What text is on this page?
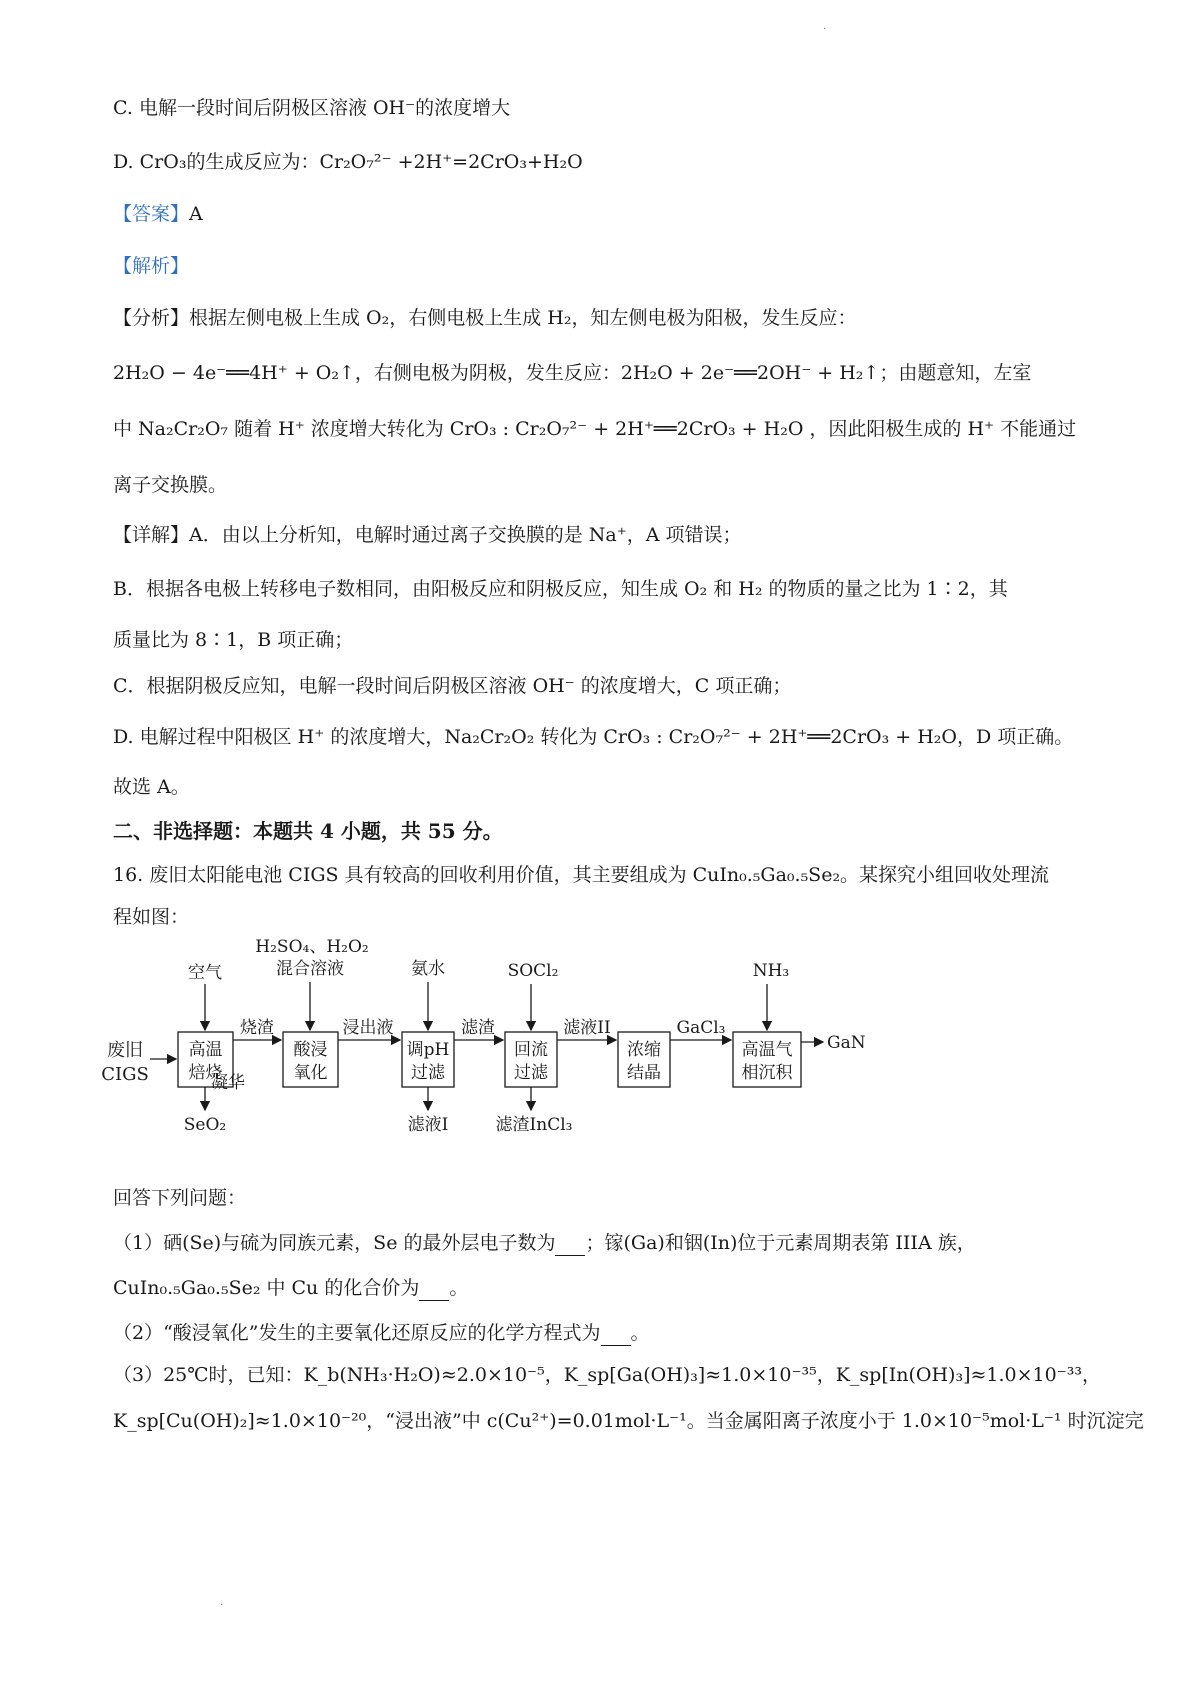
·
C. 电解一段时间后阴极区溶液 OH⁻的浓度增大
D. CrO₃的生成反应为：Cr₂O₇²⁻ +2H⁺=2CrO₃+H₂O
【答案】A
【解析】
【分析】根据左侧电极上生成 O₂，右侧电极上生成 H₂，知左侧电极为阳极，发生反应：
2H₂O − 4e⁻══4H⁺ + O₂↑，右侧电极为阴极，发生反应：2H₂O + 2e⁻══2OH⁻ + H₂↑；由题意知，左室
中 Na₂Cr₂O₇ 随着 H⁺ 浓度增大转化为 CrO₃ : Cr₂O₇²⁻ + 2H⁺══2CrO₃ + H₂O ，因此阳极生成的 H⁺ 不能通过
离子交换膜。
【详解】A．由以上分析知，电解时通过离子交换膜的是 Na⁺，A 项错误；
B．根据各电极上转移电子数相同，由阳极反应和阴极反应，知生成 O₂ 和 H₂ 的物质的量之比为 1∶2，其
质量比为 8∶1，B 项正确；
C．根据阴极反应知，电解一段时间后阴极区溶液 OH⁻ 的浓度增大，C 项正确；
D. 电解过程中阳极区 H⁺ 的浓度增大，Na₂Cr₂O₂ 转化为 CrO₃ : Cr₂O₇²⁻ + 2H⁺══2CrO₃ + H₂O，D 项正确。
故选 A。
二、非选择题：本题共 4 小题，共 55 分。
16. 废旧太阳能电池 CIGS 具有较高的回收利用价值，其主要组成为 CuIn₀.₅Ga₀.₅Se₂。某探究小组回收处理流
程如图：
废旧
CIGS
高温
焙烧
酸浸
氧化
调pH
过滤
回流
过滤
浓缩
结晶
高温气
相沉积
烧渣	浸出液	滤渣	滤液II	GaCl₃
GaN
空气
H₂SO₄、H₂O₂
混合溶液	氨水	SOCl₂	NH₃
凝华
SeO₂	滤液I	滤渣InCl₃
回答下列问题：
（1）硒(Se)与硫为同族元素，Se 的最外层电子数为 ；镓(Ga)和铟(In)位于元素周期表第 IIIA 族，
CuIn₀.₅Ga₀.₅Se₂ 中 Cu 的化合价为 。
（2）“酸浸氧化”发生的主要氧化还原反应的化学方程式为 。
（3）25℃时，已知：K_b(NH₃·H₂O)≈2.0×10⁻⁵，K_sp[Ga(OH)₃]≈1.0×10⁻³⁵，K_sp[In(OH)₃]≈1.0×10⁻³³，
K_sp[Cu(OH)₂]≈1.0×10⁻²⁰，“浸出液”中 c(Cu²⁺)=0.01mol·L⁻¹。当金属阳离子浓度小于 1.0×10⁻⁵mol·L⁻¹ 时沉淀完
·
